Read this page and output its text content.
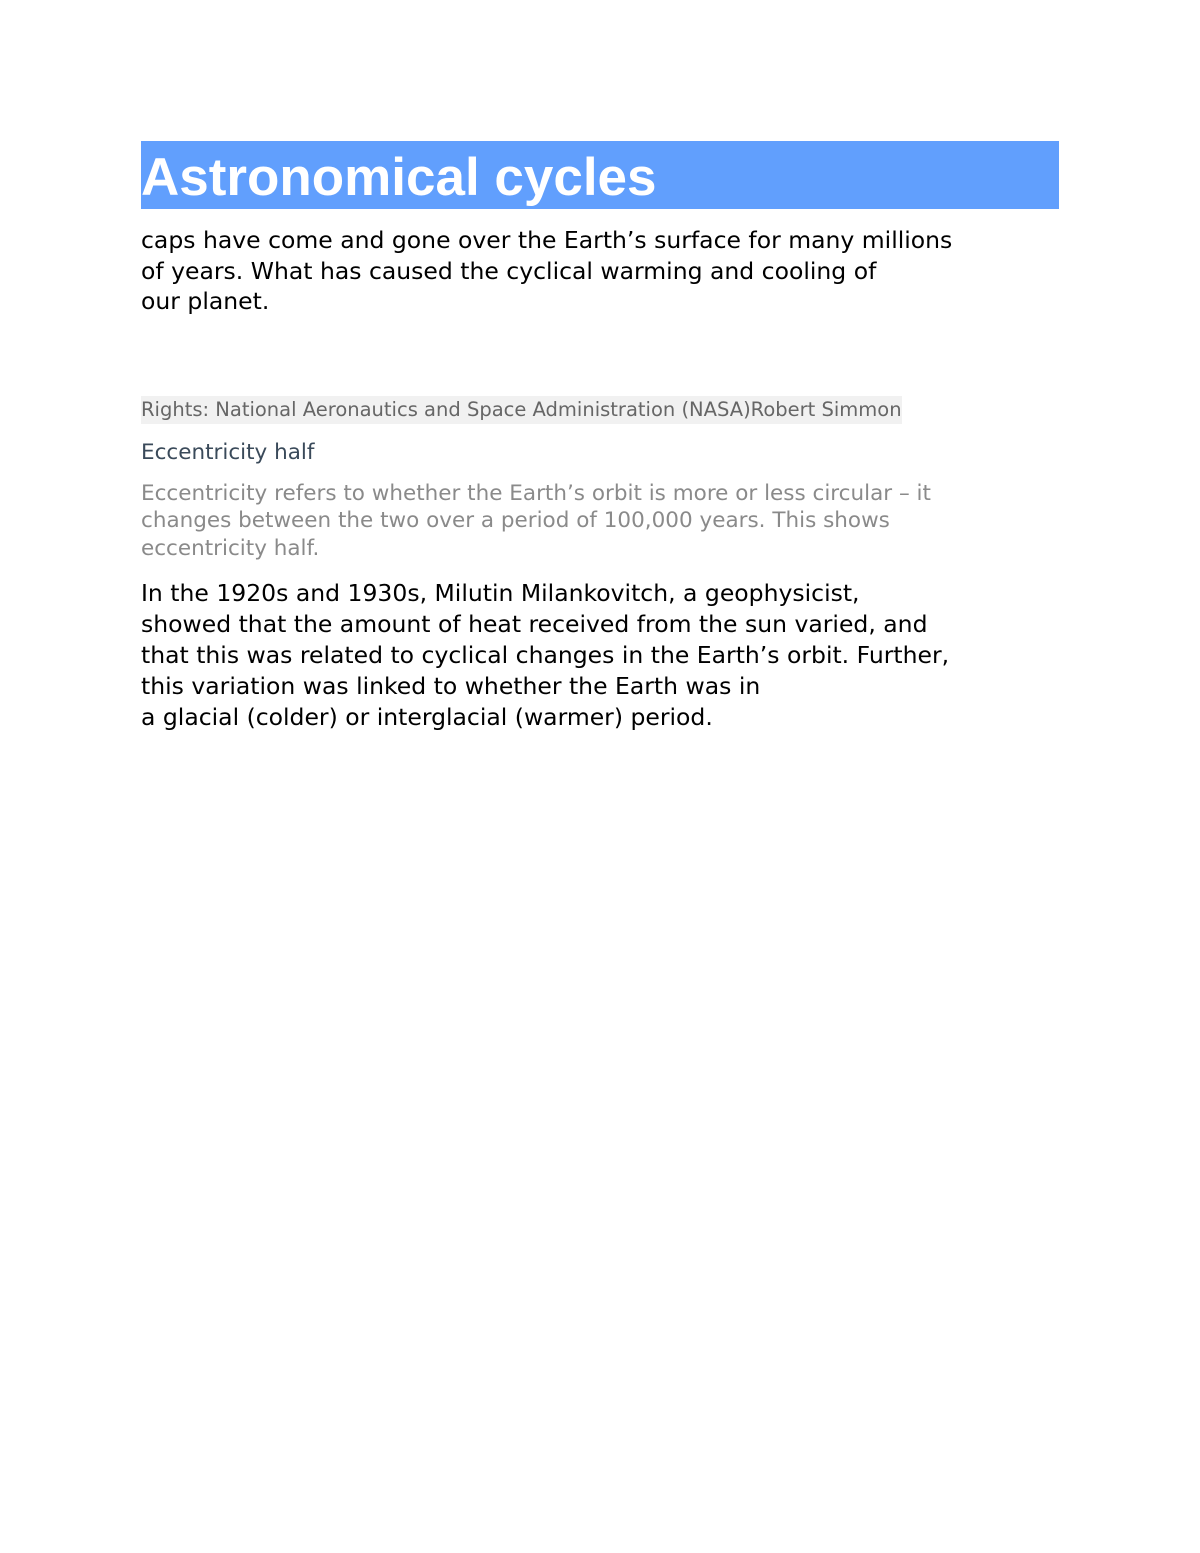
Astronomical cycles

caps have come and gone over the Earth’s surface for many millions
of years. What has caused the cyclical warming and cooling of
our planet.

Rights: National Aeronautics and Space Administration (NASA)Robert Simmon
Eccentricity half

Eccentricity refers to whether the Earth’s orbit is more or less circular – it
changes between the two over a period of 100,000 years. This shows
eccentricity half.

In the 1920s and 1930s, Milutin Milankovitch, a geophysicist,
showed that the amount of heat received from the sun varied, and
that this was related to cyclical changes in the Earth’s orbit. Further,
this variation was linked to whether the Earth was in
a glacial (colder) or interglacial (warmer) period.
